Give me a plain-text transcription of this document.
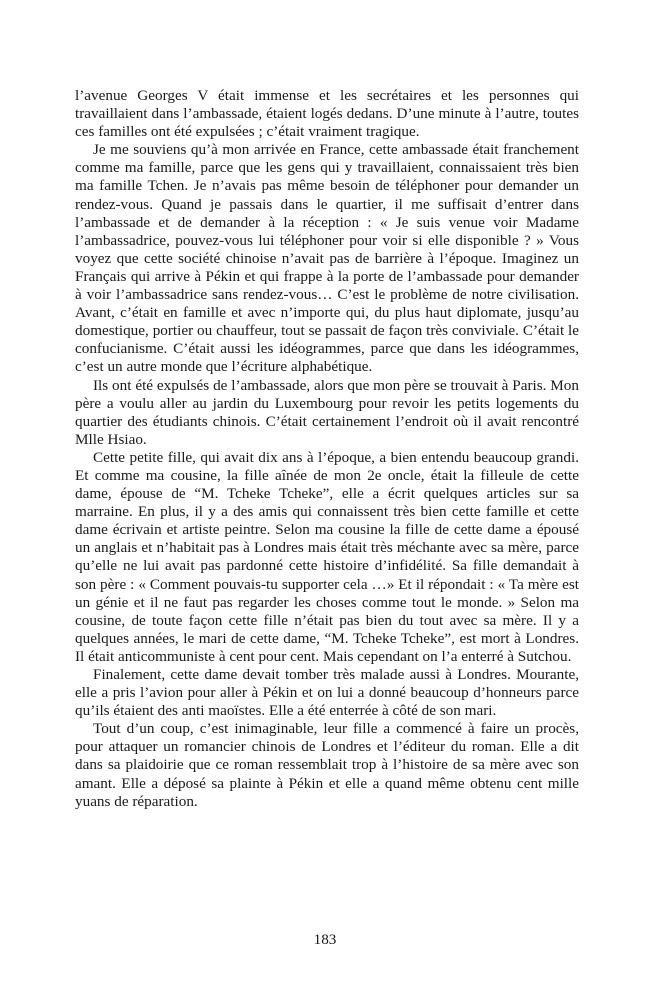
l’avenue Georges V était immense et les secrétaires et les personnes qui travaillaient dans l’ambassade, étaient logés dedans. D’une minute à l’autre, toutes ces familles ont été expulsées ; c’était vraiment tragique.

Je me souviens qu’à mon arrivée en France, cette ambassade était franchement comme ma famille, parce que les gens qui y travaillaient, connaissaient très bien ma famille Tchen. Je n’avais pas même besoin de téléphoner pour demander un rendez-vous. Quand je passais dans le quartier, il me suffisait d’entrer dans l’ambassade et de demander à la réception : « Je suis venue voir Madame l’ambassadrice, pouvez-vous lui téléphoner pour voir si elle disponible ? » Vous voyez que cette société chinoise n’avait pas de barrière à l’époque. Imaginez un Français qui arrive à Pékin et qui frappe à la porte de l’ambassade pour demander à voir l’ambassadrice sans rendez-vous… C’est le problème de notre civilisation. Avant, c’était en famille et avec n’importe qui, du plus haut diplomate, jusqu’au domestique, portier ou chauffeur, tout se passait de façon très conviviale. C’était le confucianisme. C’était aussi les idéogrammes, parce que dans les idéogrammes, c’est un autre monde que l’écriture alphabétique.

Ils ont été expulsés de l’ambassade, alors que mon père se trouvait à Paris. Mon père a voulu aller au jardin du Luxembourg pour revoir les petits logements du quartier des étudiants chinois. C’était certainement l’endroit où il avait rencontré Mlle Hsiao.

Cette petite fille, qui avait dix ans à l’époque, a bien entendu beaucoup grandi. Et comme ma cousine, la fille aînée de mon 2e oncle, était la filleule de cette dame, épouse de “M. Tcheke Tcheke”, elle a écrit quelques articles sur sa marraine. En plus, il y a des amis qui connaissent très bien cette famille et cette dame écrivain et artiste peintre. Selon ma cousine la fille de cette dame a épousé un anglais et n’habitait pas à Londres mais était très méchante avec sa mère, parce qu’elle ne lui avait pas pardonné cette histoire d’infidélité. Sa fille demandait à son père : « Comment pouvais-tu supporter cela …» Et il répondait : « Ta mère est un génie et il ne faut pas regarder les choses comme tout le monde. » Selon ma cousine, de toute façon cette fille n’était pas bien du tout avec sa mère. Il y a quelques années, le mari de cette dame, “M. Tcheke Tcheke”, est mort à Londres. Il était anticommuniste à cent pour cent. Mais cependant on l’a enterré à Sutchou.

Finalement, cette dame devait tomber très malade aussi à Londres. Mourante, elle a pris l’avion pour aller à Pékin et on lui a donné beaucoup d’honneurs parce qu’ils étaient des anti maoïstes. Elle a été enterrée à côté de son mari.

Tout d’un coup, c’est inimaginable, leur fille a commencé à faire un procès, pour attaquer un romancier chinois de Londres et l’éditeur du roman. Elle a dit dans sa plaidoirie que ce roman ressemblait trop à l’histoire de sa mère avec son amant. Elle a déposé sa plainte à Pékin et elle a quand même obtenu cent mille yuans de réparation.

183
